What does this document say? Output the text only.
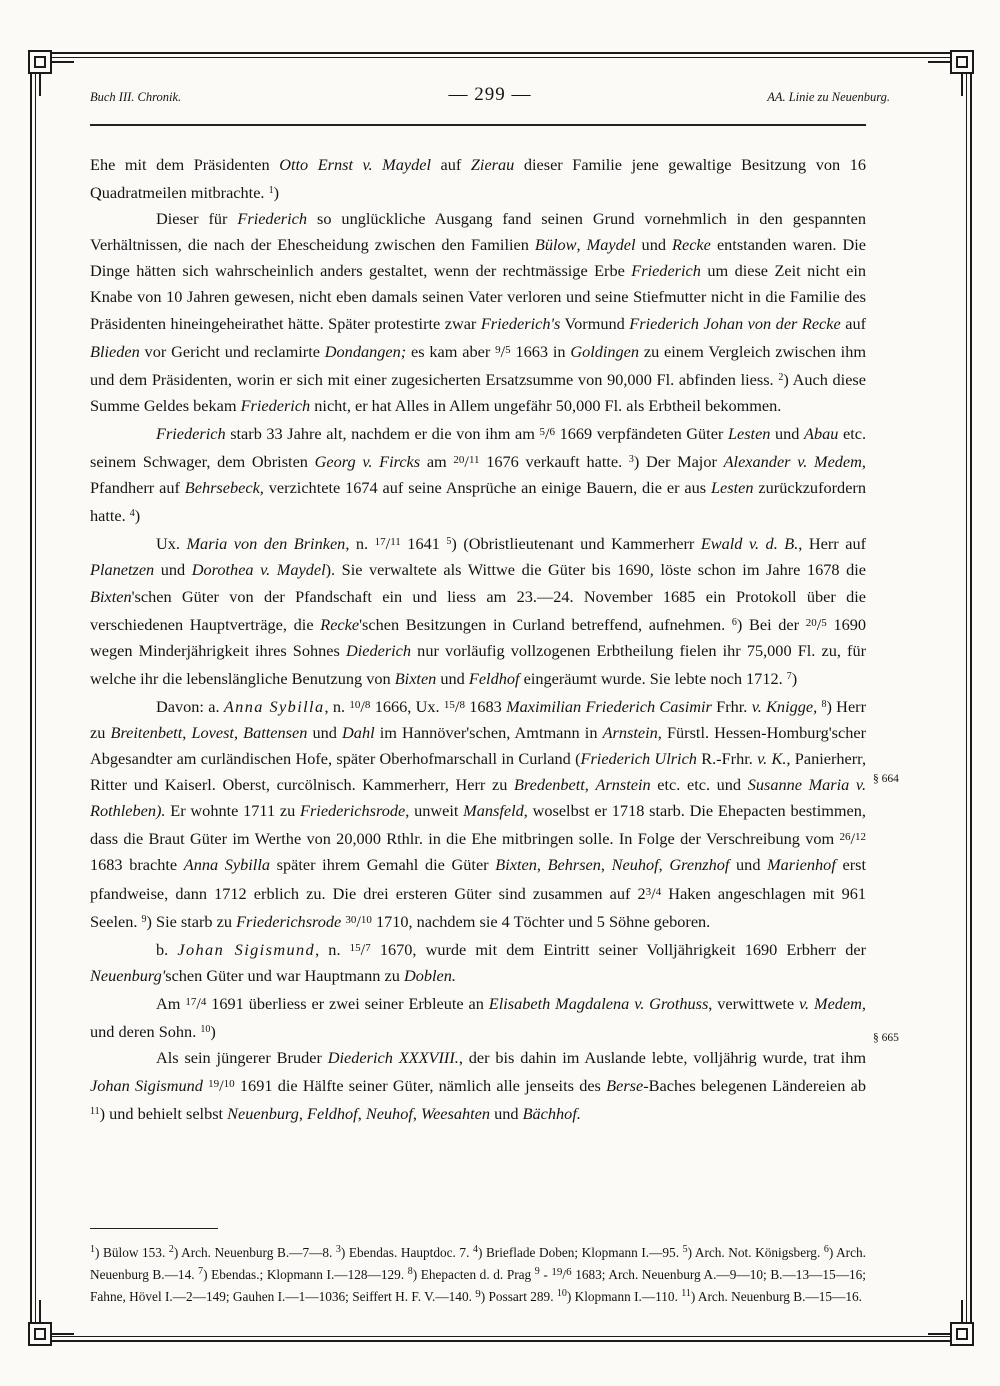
Buch III. Chronik.	— 299 —	AA. Linie zu Neuenburg.

Ehe mit dem Präsidenten Otto Ernst v. Maydel auf Zierau dieser Familie jene gewaltige Besitzung von 16 Quadratmeilen mitbrachte. $^1$)

Dieser für Friederich so unglückliche Ausgang fand seinen Grund vornehmlich in den gespannten Verhältnissen, die nach der Ehescheidung zwischen den Familien Bülow, Maydel und Recke entstanden waren. Die Dinge hätten sich wahrscheinlich anders gestaltet, wenn der rechtmässige Erbe Friederich um diese Zeit nicht ein Knabe von 10 Jahren gewesen, nicht eben damals seinen Vater verloren und seine Stiefmutter nicht in die Familie des Präsidenten hineingeheirathet hätte. Später protestirte zwar Friederich's Vormund Friederich Johan von der Recke auf Blieden vor Gericht und reclamirte Dondangen; es kam aber $^9/_5$ 1663 in Goldingen zu einem Vergleich zwischen ihm und dem Präsidenten, worin er sich mit einer zugesicherten Ersatzsumme von 90,000 Fl. abfinden liess. $^2$) Auch diese Summe Geldes bekam Friederich nicht, er hat Alles in Allem ungefähr 50,000 Fl. als Erbtheil bekommen.

Friederich starb 33 Jahre alt, nachdem er die von ihm am $^5/_6$ 1669 verpfändeten Güter Lesten und Abau etc. seinem Schwager, dem Obristen Georg v. Fircks am $^{20}/_{11}$ 1676 verkauft hatte. $^3$) Der Major Alexander v. Medem, Pfandherr auf Behrsebeck, verzichtete 1674 auf seine Ansprüche an einige Bauern, die er aus Lesten zurückzufordern hatte. $^4$)

Ux. Maria von den Brinken, n. $^{17}/_{11}$ 1641 $^5$) (Obristlieutenant und Kammerherr Ewald v. d. B., Herr auf Planetzen und Dorothea v. Maydel). Sie verwaltete als Wittwe die Güter bis 1690, löste schon im Jahre 1678 die Bixten'schen Güter von der Pfandschaft ein und liess am 23.—24. November 1685 ein Protokoll über die verschiedenen Hauptverträge, die Recke'schen Besitzungen in Curland betreffend, aufnehmen. $^6$) Bei der $^{20}/_5$ 1690 wegen Minderjährigkeit ihres Sohnes Diederich nur vorläufig vollzogenen Erbtheilung fielen ihr 75,000 Fl. zu, für welche ihr die lebenslängliche Benutzung von Bixten und Feldhof eingeräumt wurde. Sie lebte noch 1712. $^7$)

Davon: a. Anna Sybilla, n. $^{10}/_8$ 1666, Ux. $^{15}/_8$ 1683 Maximilian Friederich Casimir Frhr. v. Knigge, $^8$) Herr zu Breitenbett, Lovest, Battensen und Dahl im Hannöver'schen, Amtmann in Arnstein, Fürstl. Hessen-Homburg'scher Abgesandter am curländischen Hofe, später Oberhofmarschall in Curland (Friederich Ulrich R.-Frhr. v. K., Panierherr, Ritter und Kaiserl. Oberst, curcölnisch. Kammerherr, Herr zu Bredenbett, Arnstein etc. etc. und Susanne Maria v. Rothleben). Er wohnte 1711 zu Friederichsrode, unweit Mansfeld, woselbst er 1718 starb. Die Ehepacten bestimmen, dass die Braut Güter im Werthe von 20,000 Rthlr. in die Ehe mitbringen solle. In Folge der Verschreibung vom $^{26}/_{12}$ 1683 brachte Anna Sybilla später ihrem Gemahl die Güter Bixten, Behrsen, Neuhof, Grenzhof und Marienhof erst pfandweise, dann 1712 erblich zu. Die drei ersteren Güter sind zusammen auf $2^3/_4$ Haken angeschlagen mit 961 Seelen. $^9$) Sie starb zu Friederichsrode $^{30}/_{10}$ 1710, nachdem sie 4 Töchter und 5 Söhne geboren.

b. Johan Sigismund, n. $^{15}/_7$ 1670, wurde mit dem Eintritt seiner Volljährigkeit 1690 Erbherr der Neuenburg'schen Güter und war Hauptmann zu Doblen.

Am $^{17}/_4$ 1691 überliess er zwei seiner Erbleute an Elisabeth Magdalena v. Grothuss, verwittwete v. Medem, und deren Sohn. $^{10}$)

Als sein jüngerer Bruder Diederich XXXVIII., der bis dahin im Auslande lebte, volljährig wurde, trat ihm Johan Sigismund $^{19}/_{10}$ 1691 die Hälfte seiner Güter, nämlich alle jenseits des Berse-Baches belegenen Ländereien ab $^{11}$) und behielt selbst Neuenburg, Feldhof, Neuhof, Weesahten und Bächhof.

§ 664
§ 665
$^1$) Bülow 153. $^2$) Arch. Neuenburg B.—7—8. $^3$) Ebendas. Hauptdoc. 7. $^4$) Brieflade Doben; Klopmann I.—95. $^5$) Arch. Not. Königsberg. $^6$) Arch. Neuenburg B.—14. $^7$) Ebendas.; Klopmann I.—128—129. $^8$) Ehepacten d. d. Prag $^9$ - $^{19}$/$^6$ 1683; Arch. Neuenburg A.—9—10; B.—13—15—16; Fahne, Hövel I.—2—149; Gauhen I.—1—1036; Seiffert H. F. V.—140. $_9$) Possart 289. $^{10}$) Klopmann I.—110. $^{11}$) Arch. Neuenburg B.—15—16.
